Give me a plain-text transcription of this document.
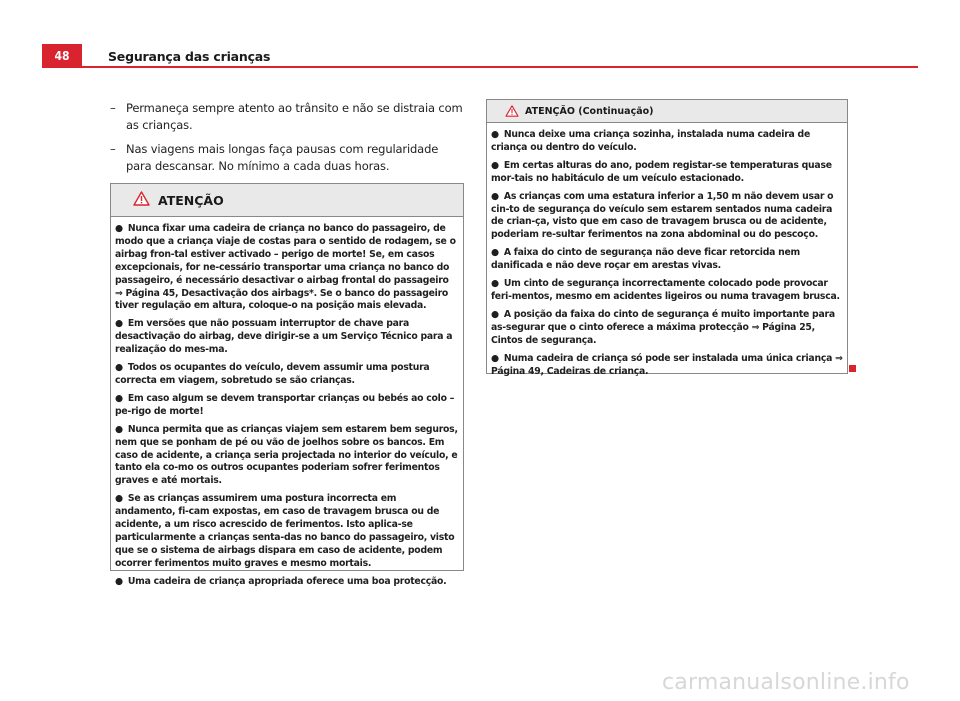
48	Segurança das crianças
– Permaneça sempre atento ao trânsito e não se distraia com as crianças.
– Nas viagens mais longas faça pausas com regularidade para descansar. No mínimo a cada duas horas.
ATENÇÃO

● Nunca fixar uma cadeira de criança no banco do passageiro, de modo que a criança viaje de costas para o sentido de rodagem, se o airbag fron-tal estiver activado – perigo de morte! Se, em casos excepcionais, for ne-cessário transportar uma criança no banco do passageiro, é necessário desactivar o airbag frontal do passageiro ⇒ Página 45, Desactivação dos airbags*. Se o banco do passageiro tiver regulação em altura, coloque-o na posição mais elevada.

● Em versões que não possuam interruptor de chave para desactivação do airbag, deve dirigir-se a um Serviço Técnico para a realização do mes-ma.

● Todos os ocupantes do veículo, devem assumir uma postura correcta em viagem, sobretudo se são crianças.

● Em caso algum se devem transportar crianças ou bebés ao colo – pe-rigo de morte!

● Nunca permita que as crianças viajem sem estarem bem seguros, nem que se ponham de pé ou vão de joelhos sobre os bancos. Em caso de acidente, a criança seria projectada no interior do veículo, e tanto ela co-mo os outros ocupantes poderiam sofrer ferimentos graves e até mortais.

● Se as crianças assumirem uma postura incorrecta em andamento, fi-cam expostas, em caso de travagem brusca ou de acidente, a um risco acrescido de ferimentos. Isto aplica-se particularmente a crianças senta-das no banco do passageiro, visto que se o sistema de airbags dispara em caso de acidente, podem ocorrer ferimentos muito graves e mesmo mortais.

● Uma cadeira de criança apropriada oferece uma boa protecção.

ATENÇÃO (Continuação)

● Nunca deixe uma criança sozinha, instalada numa cadeira de criança ou dentro do veículo.

● Em certas alturas do ano, podem registar-se temperaturas quase mor-tais no habitáculo de um veículo estacionado.

● As crianças com uma estatura inferior a 1,50 m não devem usar o cin-to de segurança do veículo sem estarem sentados numa cadeira de crian-ça, visto que em caso de travagem brusca ou de acidente, poderiam re-sultar ferimentos na zona abdominal ou do pescoço.

● A faixa do cinto de segurança não deve ficar retorcida nem danificada e não deve roçar em arestas vivas.

● Um cinto de segurança incorrectamente colocado pode provocar feri-mentos, mesmo em acidentes ligeiros ou numa travagem brusca.

● A posição da faixa do cinto de segurança é muito importante para as-segurar que o cinto oferece a máxima protecção ⇒ Página 25, Cintos de segurança.

● Numa cadeira de criança só pode ser instalada uma única criança ⇒ Página 49, Cadeiras de criança.

carmanualsonline.info
